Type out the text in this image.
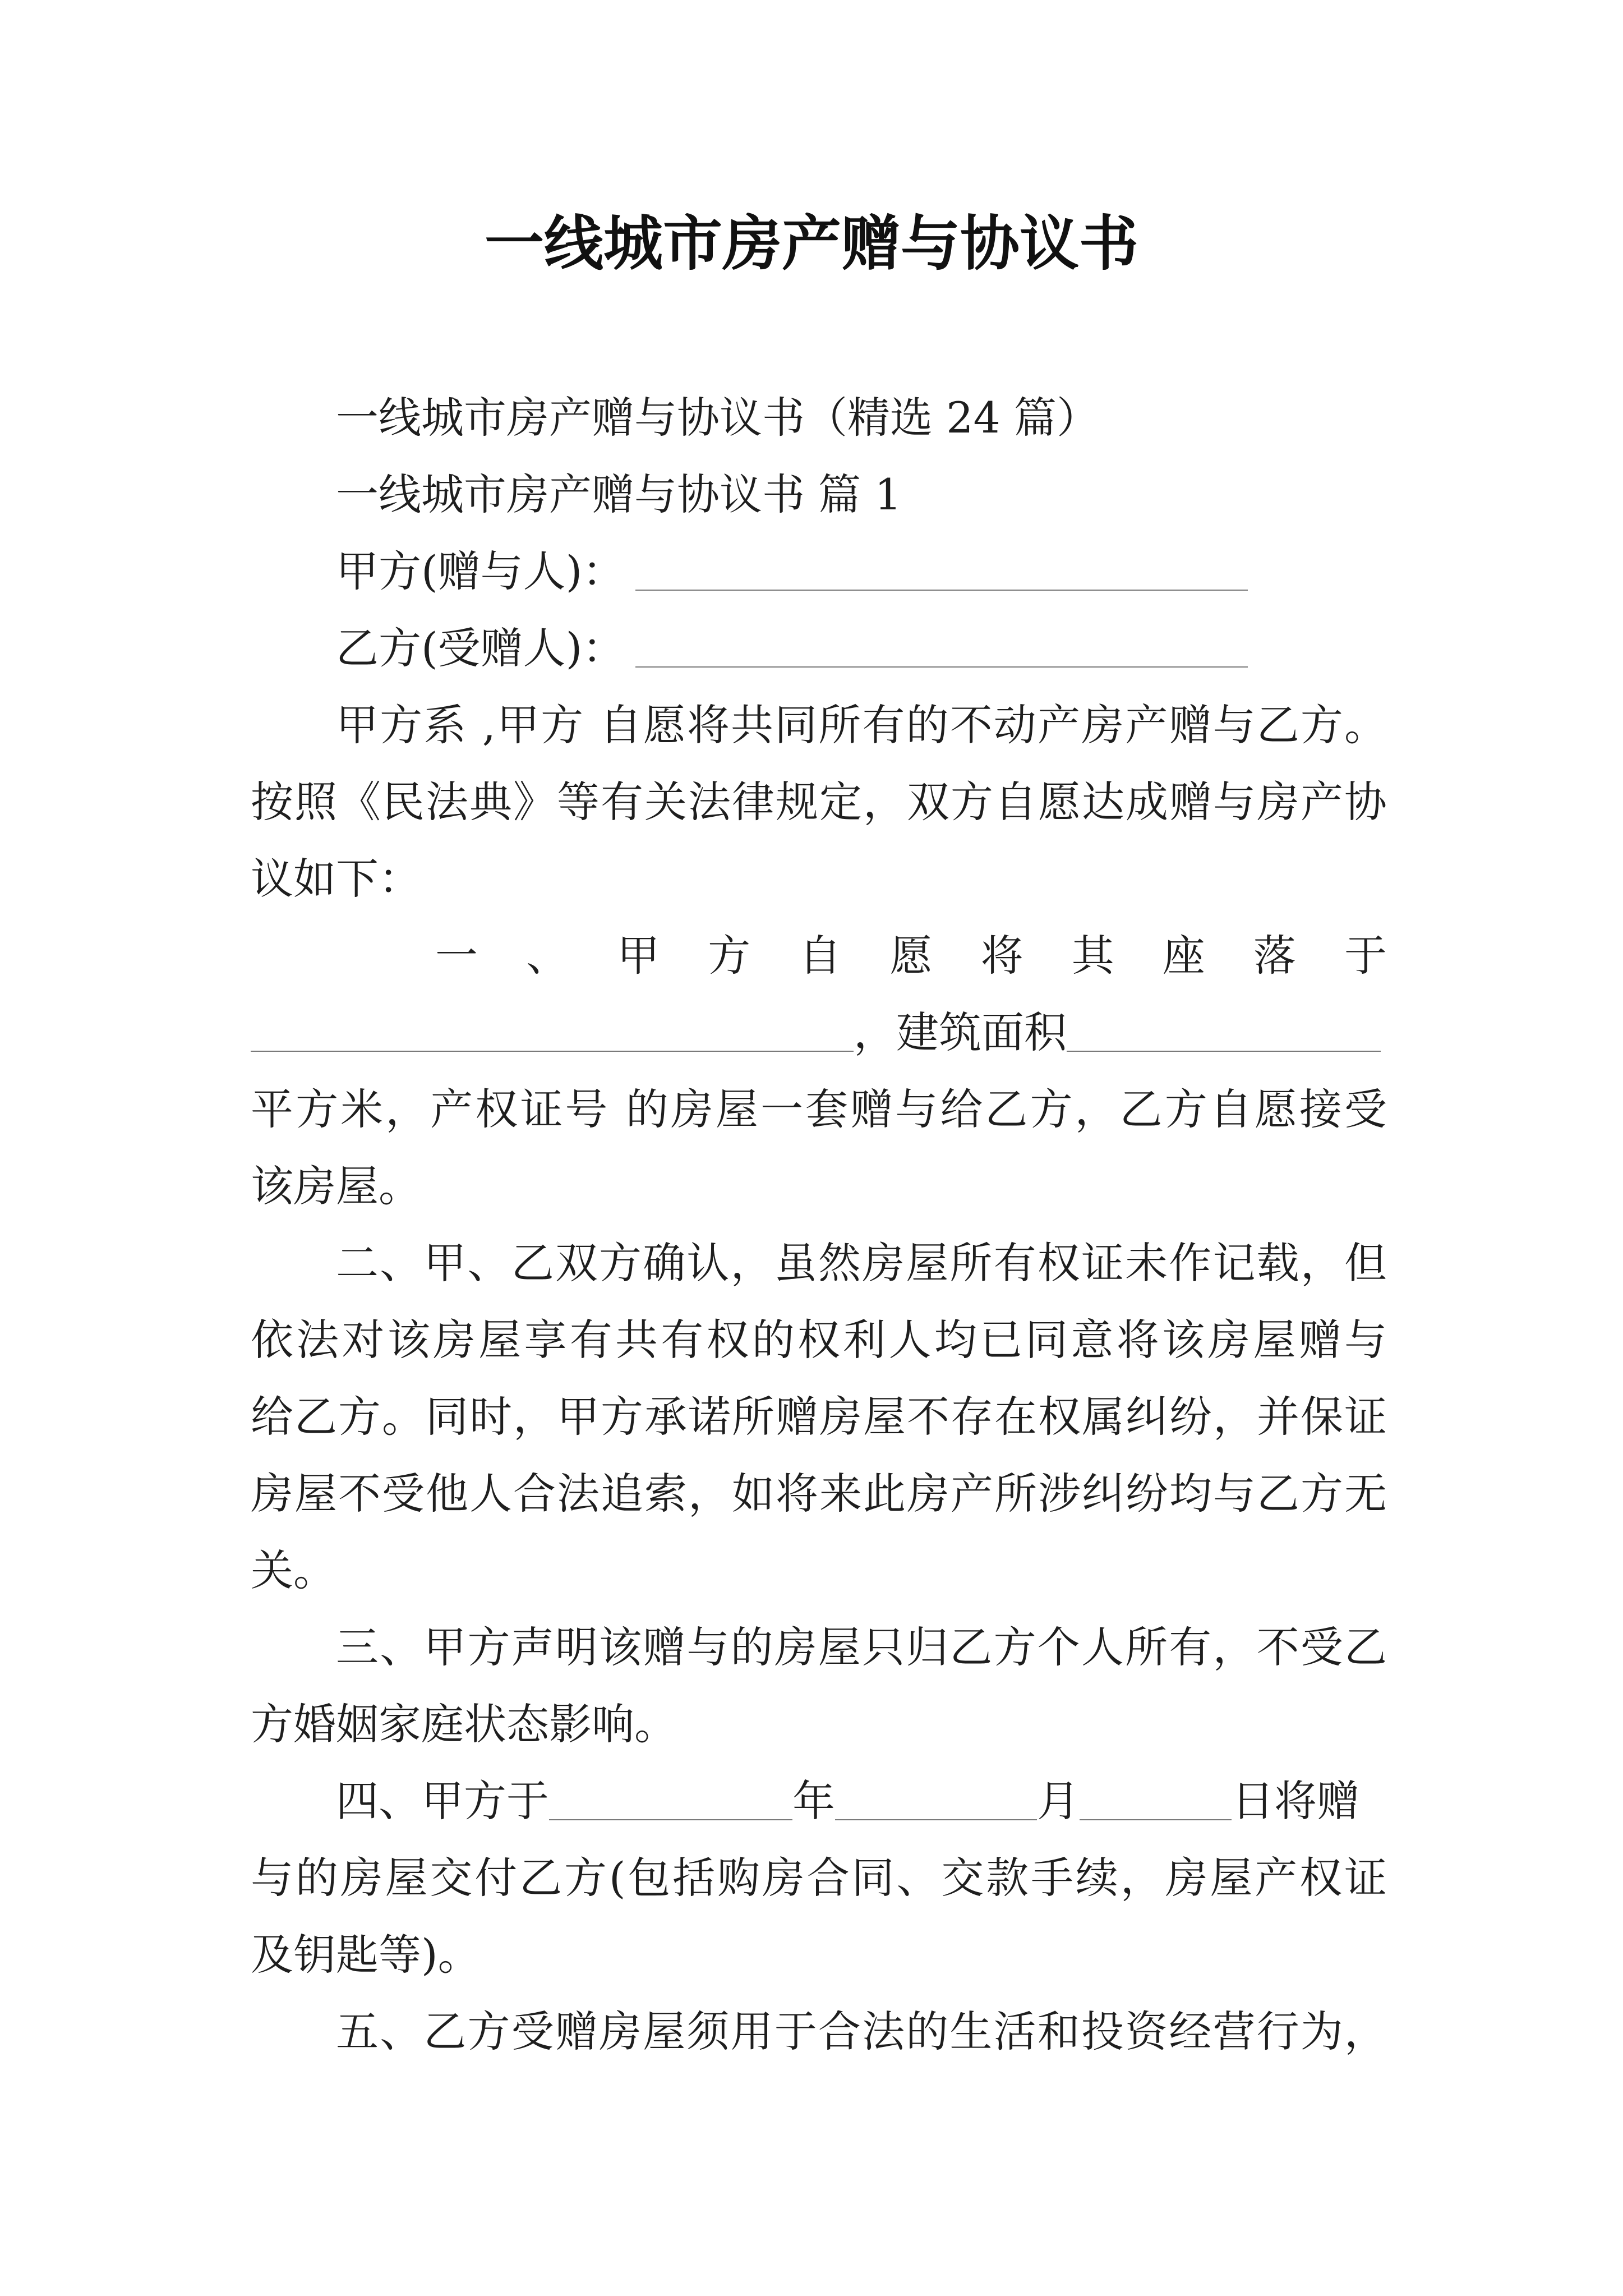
一线城市房产赠与协议书
一线城市房产赠与协议书（精选 24 篇）
一线城市房产赠与协议书 篇 1
甲方(赠与人)：
乙方(受赠人)：
甲方系 ,甲方 自愿将共同所有的不动产房产赠与乙方。
按照《民法典》等有关法律规定，双方自愿达成赠与房产协
议如下：
一、甲方自愿将其座落于
，建筑面积
平方米，产权证号 的房屋一套赠与给乙方，乙方自愿接受
该房屋。
二、甲、乙双方确认，虽然房屋所有权证未作记载，但
依法对该房屋享有共有权的权利人均已同意将该房屋赠与
给乙方。同时，甲方承诺所赠房屋不存在权属纠纷，并保证
房屋不受他人合法追索，如将来此房产所涉纠纷均与乙方无
关。
三、甲方声明该赠与的房屋只归乙方个人所有，不受乙
方婚姻家庭状态影响。
四、甲方于	年	月	日将赠
与的房屋交付乙方(包括购房合同、交款手续，房屋产权证
及钥匙等)。
五、乙方受赠房屋须用于合法的生活和投资经营行为，
